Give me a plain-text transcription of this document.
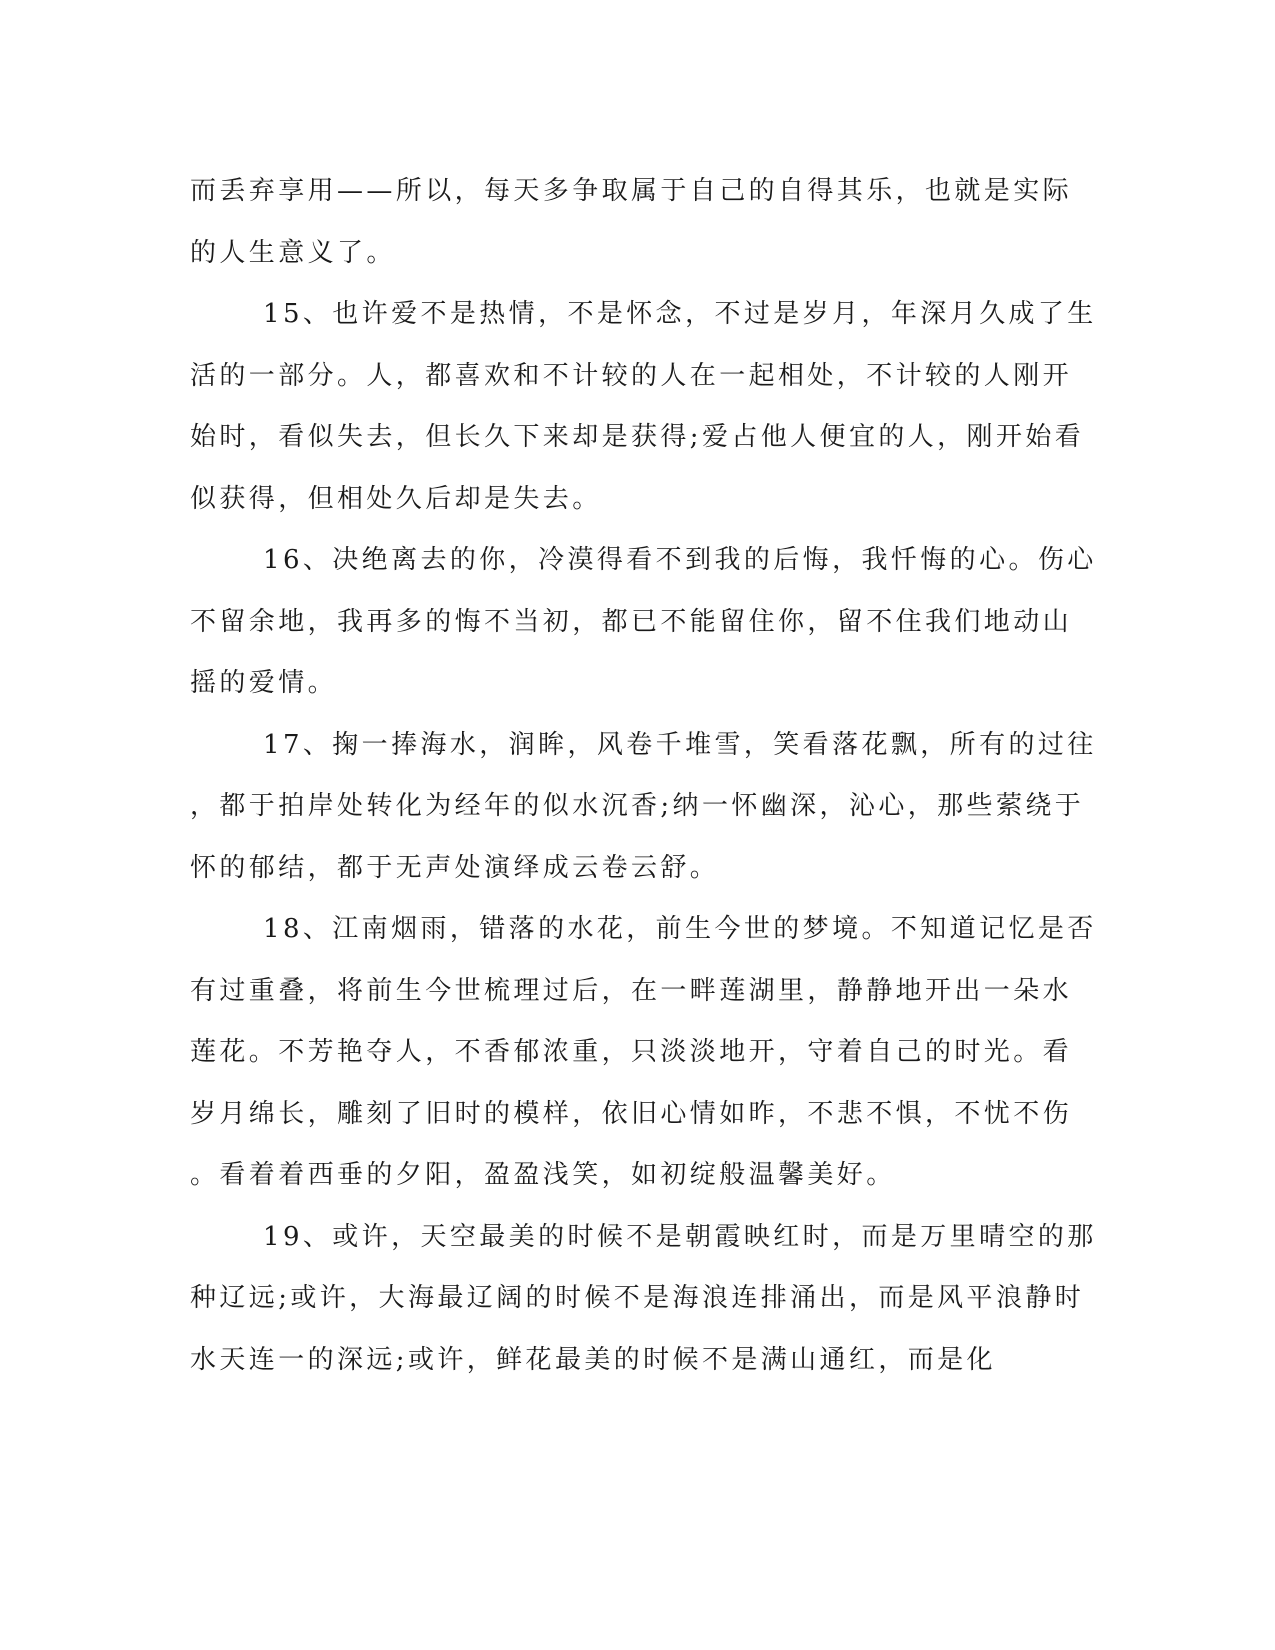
而丢弃享用——所以，每天多争取属于自己的自得其乐，也就是实际
的人生意义了。
15、也许爱不是热情，不是怀念，不过是岁月，年深月久成了生
活的一部分。人，都喜欢和不计较的人在一起相处，不计较的人刚开
始时，看似失去，但长久下来却是获得;爱占他人便宜的人，刚开始看
似获得，但相处久后却是失去。
16、决绝离去的你，冷漠得看不到我的后悔，我忏悔的心。伤心
不留余地，我再多的悔不当初，都已不能留住你，留不住我们地动山
摇的爱情。
17、掬一捧海水，润眸，风卷千堆雪，笑看落花飘，所有的过往
，都于拍岸处转化为经年的似水沉香;纳一怀幽深，沁心，那些萦绕于
怀的郁结，都于无声处演绎成云卷云舒。
18、江南烟雨，错落的水花，前生今世的梦境。不知道记忆是否
有过重叠，将前生今世梳理过后，在一畔莲湖里，静静地开出一朵水
莲花。不芳艳夺人，不香郁浓重，只淡淡地开，守着自己的时光。看
岁月绵长，雕刻了旧时的模样，依旧心情如昨，不悲不惧，不忧不伤
。看着着西垂的夕阳，盈盈浅笑，如初绽般温馨美好。
19、或许，天空最美的时候不是朝霞映红时，而是万里晴空的那
种辽远;或许，大海最辽阔的时候不是海浪连排涌出，而是风平浪静时
水天连一的深远;或许，鲜花最美的时候不是满山通红，而是化
